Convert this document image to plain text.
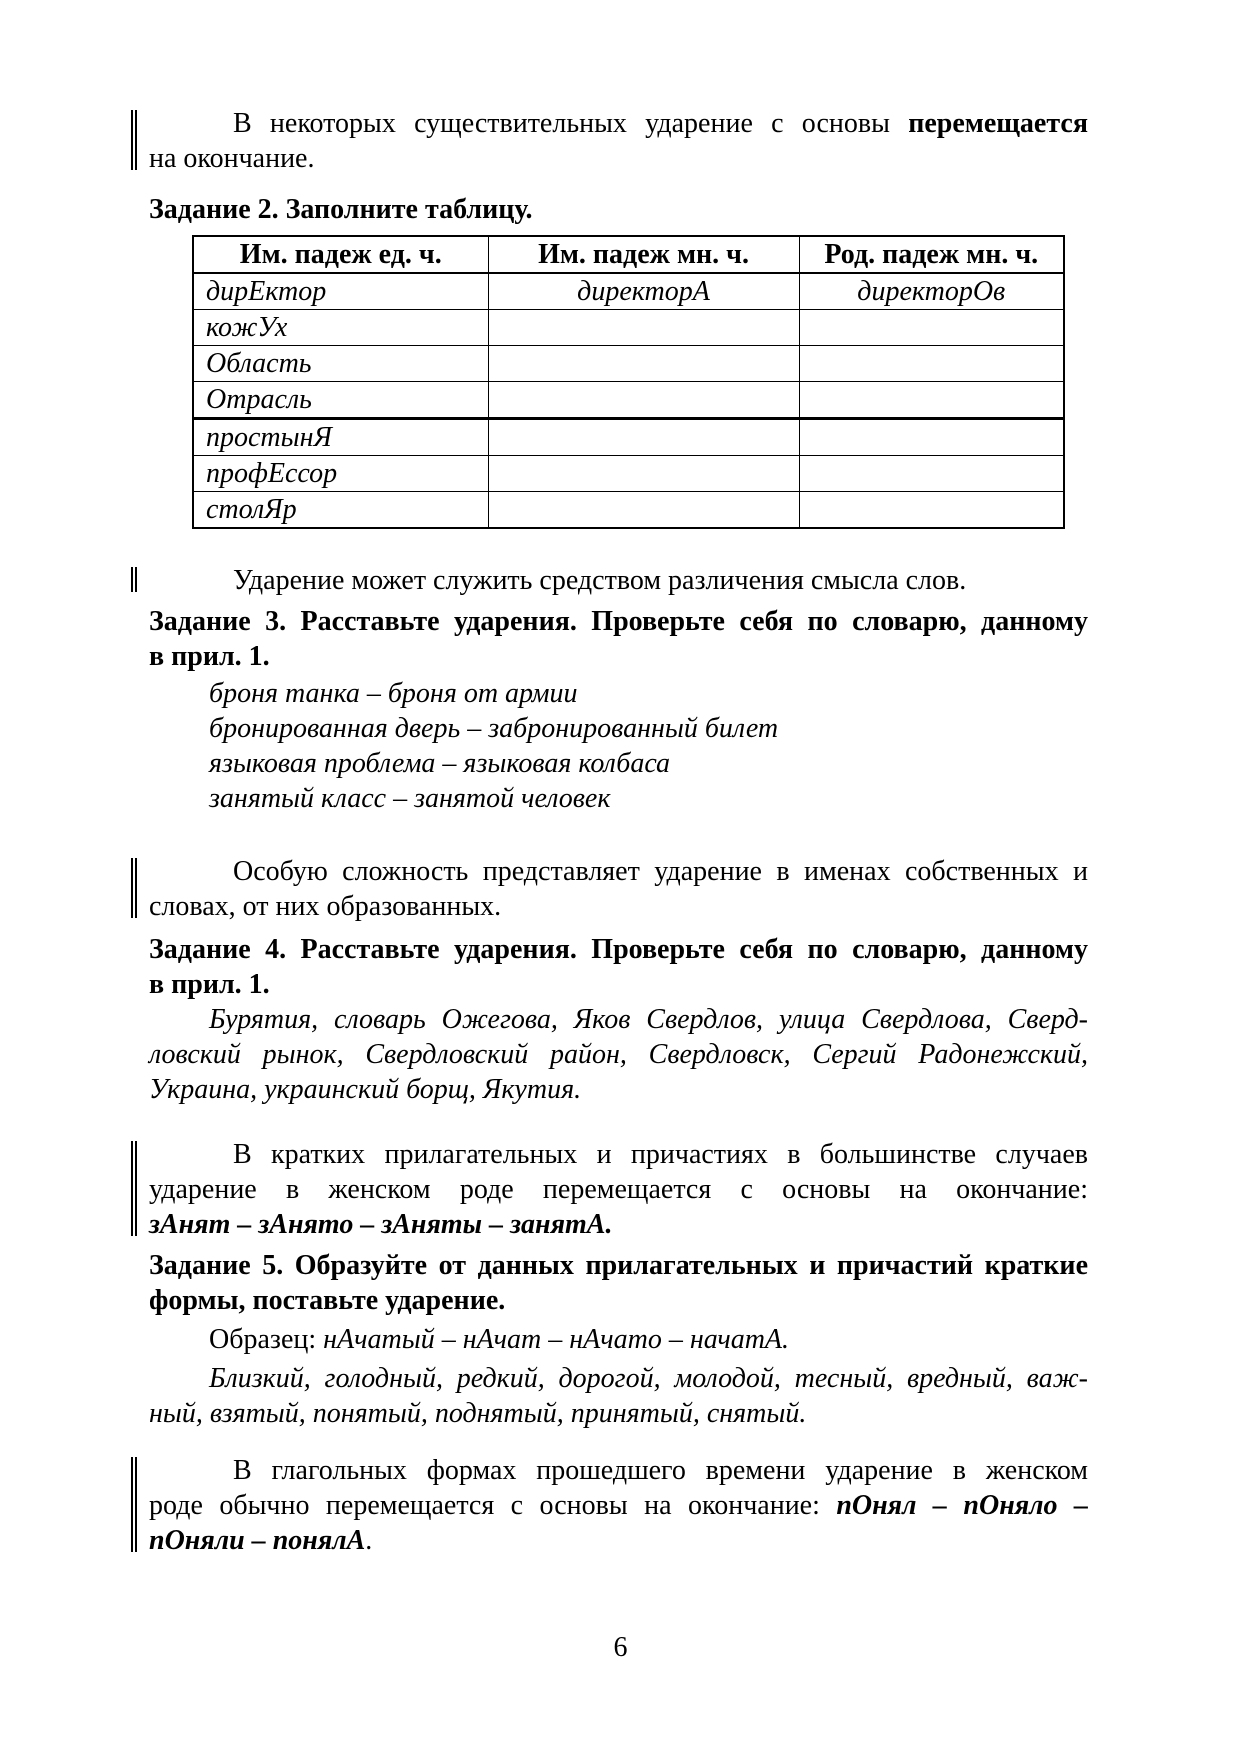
В некоторых существительных ударение с основы перемещается
на окончание.
Задание 2. Заполните таблицу.
Им. падеж ед. ч.	Им. падеж мн. ч.	Род. падеж мн. ч.
дирЕктор	директорА	директорОв
кожУх		
Область		
Отрасль		
простынЯ		
профЕссор		
столЯр		
Ударение может служить средством различения смысла слов.
Задание 3. Расставьте ударения. Проверьте себя по словарю, данному
в прил. 1.
броня танка – броня от армии
бронированная дверь – забронированный билет
языковая проблема – языковая колбаса
занятый класс – занятой человек
Особую сложность представляет ударение в именах собственных и
словах, от них образованных.
Задание 4. Расставьте ударения. Проверьте себя по словарю, данному
в прил. 1.
Бурятия, словарь Ожегова, Яков Свердлов, улица Свердлова, Сверд-
ловский рынок, Свердловский район, Свердловск, Сергий Радонежский,
Украина, украинский борщ, Якутия.
В кратких прилагательных и причастиях в большинстве случаев
ударение в женском роде перемещается с основы на окончание:
зАнят – зАнято – зАняты – занятА.
Задание 5. Образуйте от данных прилагательных и причастий краткие
формы, поставьте ударение.
Образец: нАчатый – нАчат – нАчато – начатА.
Близкий, голодный, редкий, дорогой, молодой, тесный, вредный, важ-
ный, взятый, понятый, поднятый, принятый, снятый.
В глагольных формах прошедшего времени ударение в женском
роде обычно перемещается с основы на окончание: пОнял – пОняло –
пОняли – понялА.
6
